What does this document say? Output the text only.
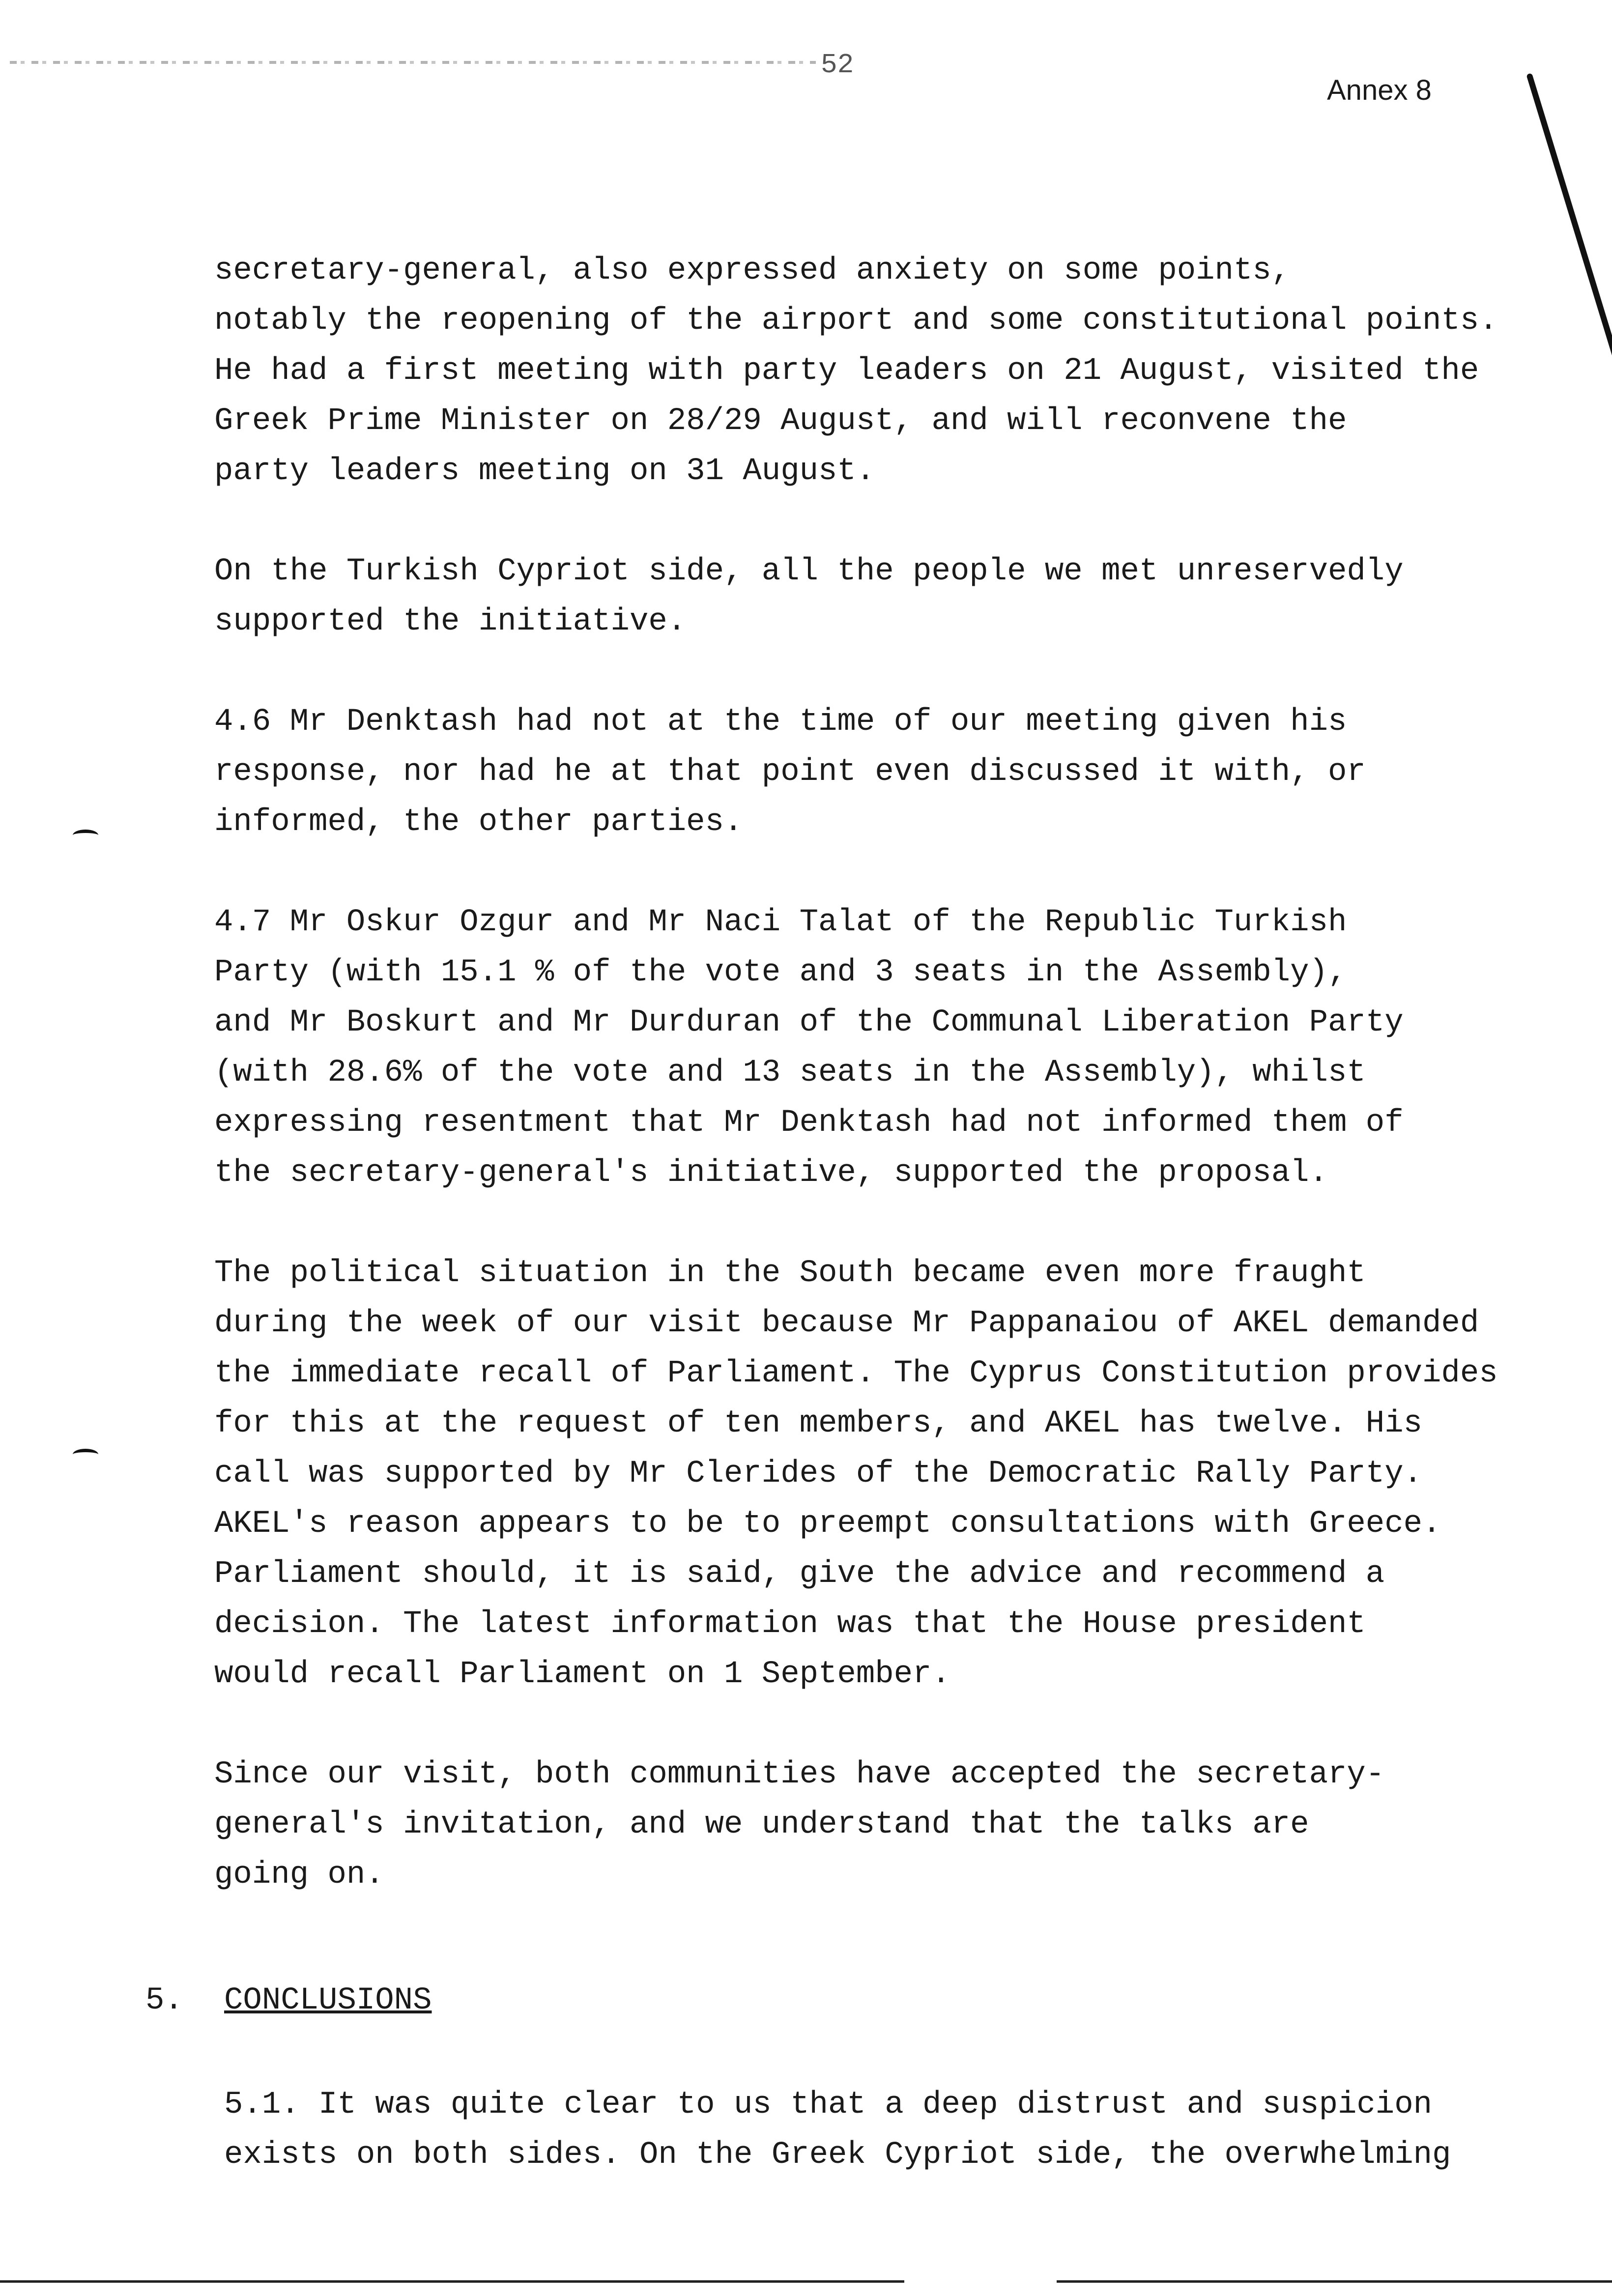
52
Annex 8

secretary-general, also expressed anxiety on some points,
notably the reopening of the airport and some constitutional points.
He had a first meeting with party leaders on 21 August, visited the
Greek Prime Minister on 28/29 August, and will reconvene the
party leaders meeting on 31 August.

On the Turkish Cypriot side, all the people we met unreservedly
supported the initiative.

4.6 Mr Denktash had not at the time of our meeting given his
response, nor had he at that point even discussed it with, or
informed, the other parties.

4.7 Mr Oskur Ozgur and Mr Naci Talat of the Republic Turkish
Party (with 15.1 % of the vote and 3 seats in the Assembly),
and Mr Boskurt and Mr Durduran of the Communal Liberation Party
(with 28.6% of the vote and 13 seats in the Assembly), whilst
expressing resentment that Mr Denktash had not informed them of
the secretary-general's initiative, supported the proposal.

The political situation in the South became even more fraught
during the week of our visit because Mr Pappanaiou of AKEL demanded
the immediate recall of Parliament. The Cyprus Constitution provides
for this at the request of ten members, and AKEL has twelve. His
call was supported by Mr Clerides of the Democratic Rally Party.
AKEL's reason appears to be to preempt consultations with Greece.
Parliament should, it is said, give the advice and recommend a
decision. The latest information was that the House president
would recall Parliament on 1 September.

Since our visit, both communities have accepted the secretary-
general's invitation, and we understand that the talks are
going on.

5. CONCLUSIONS
5.1. It was quite clear to us that a deep distrust and suspicion
exists on both sides. On the Greek Cypriot side, the overwhelming
